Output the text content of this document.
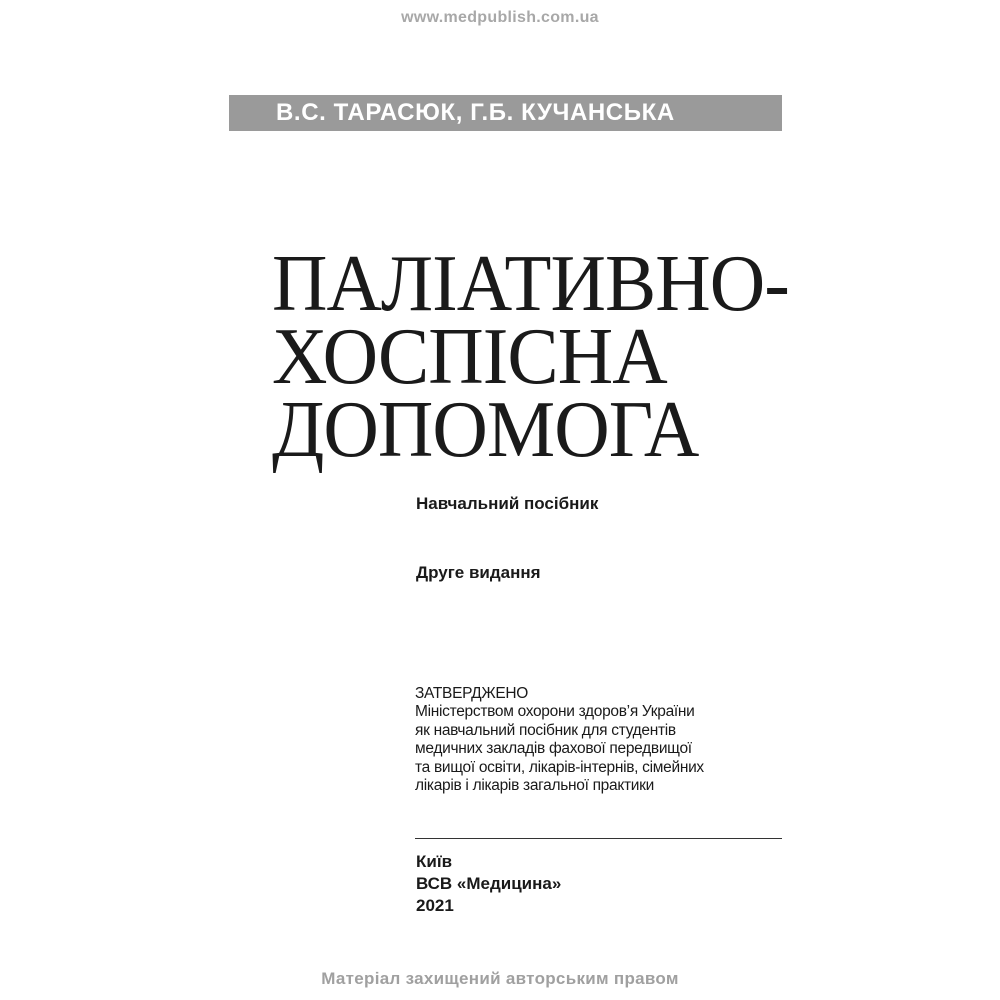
www.medpublish.com.ua
В.С. ТАРАСЮК, Г.Б. КУЧАНСЬКА
ПАЛІАТИВНО-
ХОСПІСНА
ДОПОМОГА
Навчальний посібник
Друге видання
ЗАТВЕРДЖЕНО
Міністерством охорони здоров’я України
як навчальний посібник для студентів
медичних закладів фахової передвищої
та вищої освіти, лікарів-інтернів, сімейних
лікарів і лікарів загальної практики
Київ
ВСВ «Медицина»
2021
Матеріал захищений авторським правом
